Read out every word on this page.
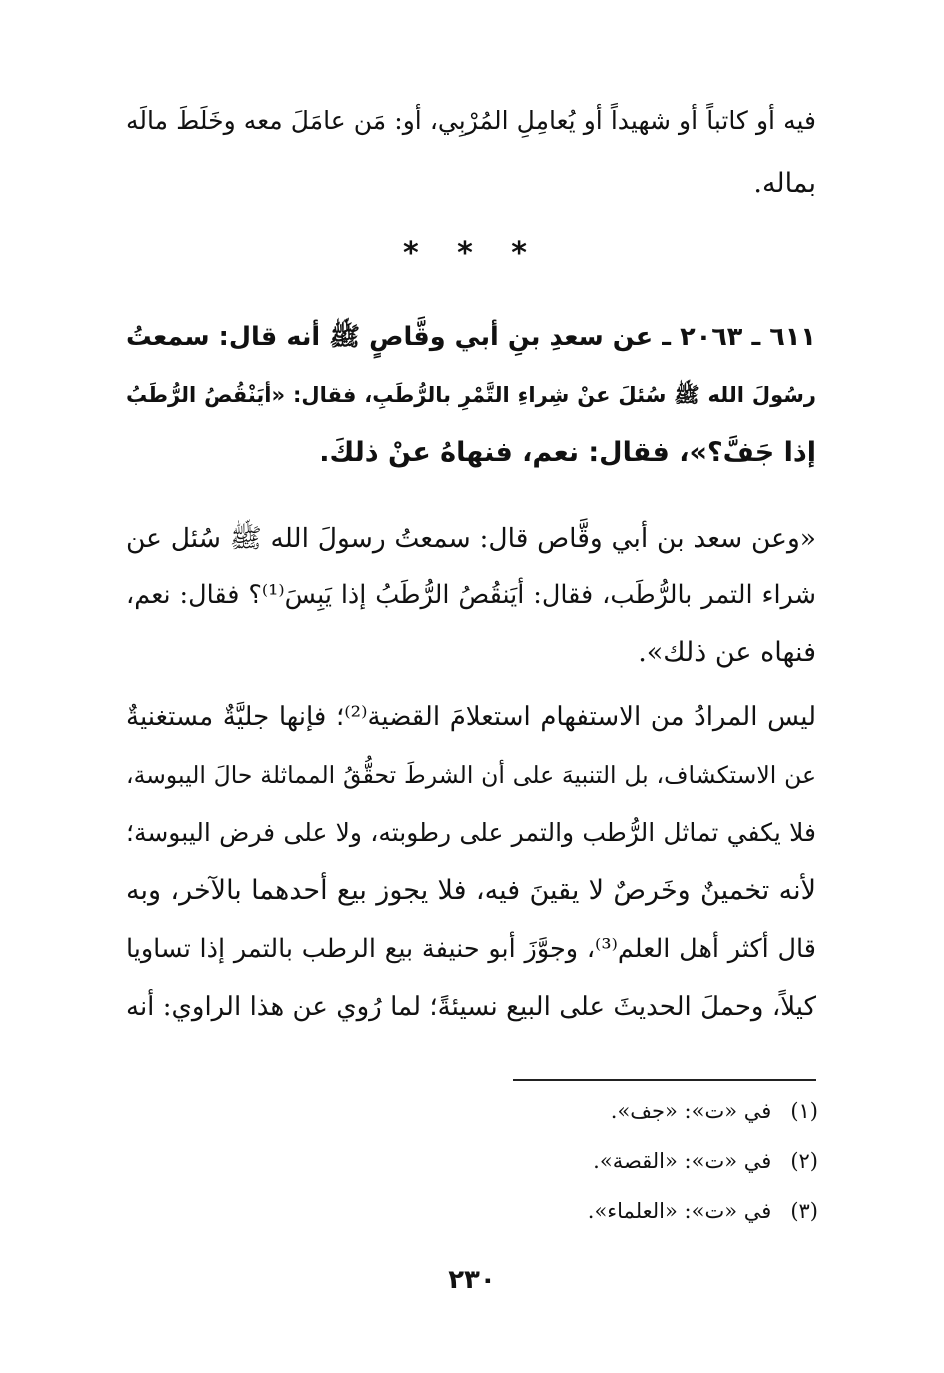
فيه أو كاتباً أو شهيداً أو يُعامِلِ المُرْبِي، أو: مَن عامَلَ معه وخَلَطَ مالَه
بماله.
* * *
٦١١ ـ ٢٠٦٣ ـ عن سعدِ بنِ أبي وقَّاصٍ ﷺ أنه قال: سمعتُ
رسُولَ الله ﷺ سُئلَ عنْ شِراءِ التَّمْرِ بالرُّطَبِ، فقال: «أيَنْقُصُ الرُّطَبُ
إذا جَفَّ؟»، فقال: نعم، فنهاهُ عنْ ذلكَ.
«وعن سعد بن أبي وقَّاص قال: سمعتُ رسولَ الله ﷺ سُئل عن
شراء التمر بالرُّطَب، فقال: أيَنقُصُ الرُّطَبُ إذا يَبِسَ⁽¹⁾؟ فقال: نعم،
فنهاه عن ذلك».
ليس المرادُ من الاستفهام استعلامَ القضية⁽²⁾؛ فإنها جليَّةٌ مستغنيةٌ
عن الاستكشاف، بل التنبيهَ على أن الشرطَ تحقُّقُ المماثلة حالَ اليبوسة،
فلا يكفي تماثل الرُّطب والتمر على رطوبته، ولا على فرض اليبوسة؛
لأنه تخمينٌ وخَرصٌ لا يقينَ فيه، فلا يجوز بيع أحدهما بالآخر، وبه
قال أكثر أهل العلم⁽³⁾، وجوَّزَ أبو حنيفة بيع الرطب بالتمر إذا تساويا
كيلاً، وحملَ الحديثَ على البيع نسيئةً؛ لما رُوي عن هذا الراوي: أنه
(١) في «ت»: «جف».
(٢) في «ت»: «القصة».
(٣) في «ت»: «العلماء».
٢٣٠
